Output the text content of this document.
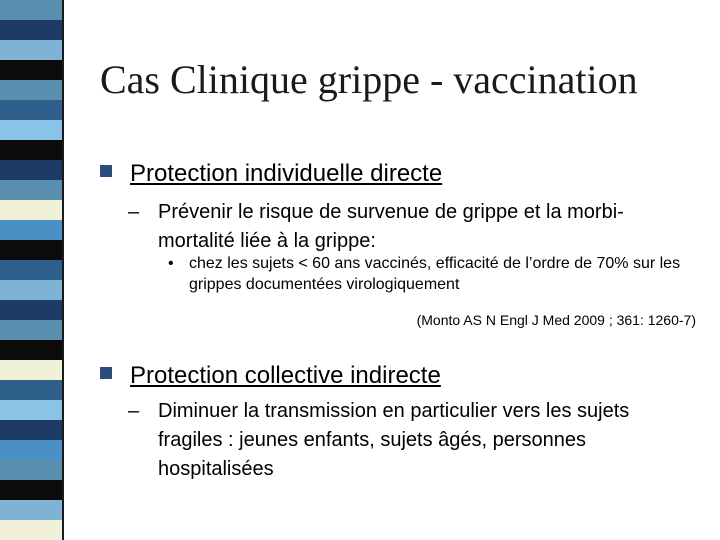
Cas Clinique grippe - vaccination
Protection individuelle directe
– Prévenir le risque de survenue de grippe et la morbi-mortalité liée à la grippe:
• chez les sujets < 60 ans vaccinés, efficacité de l’ordre de 70% sur les grippes documentées virologiquement
(Monto AS N Engl J Med 2009 ; 361: 1260-7)
Protection collective indirecte
– Diminuer la transmission en particulier vers les sujets fragiles : jeunes enfants, sujets âgés, personnes hospitalisées
